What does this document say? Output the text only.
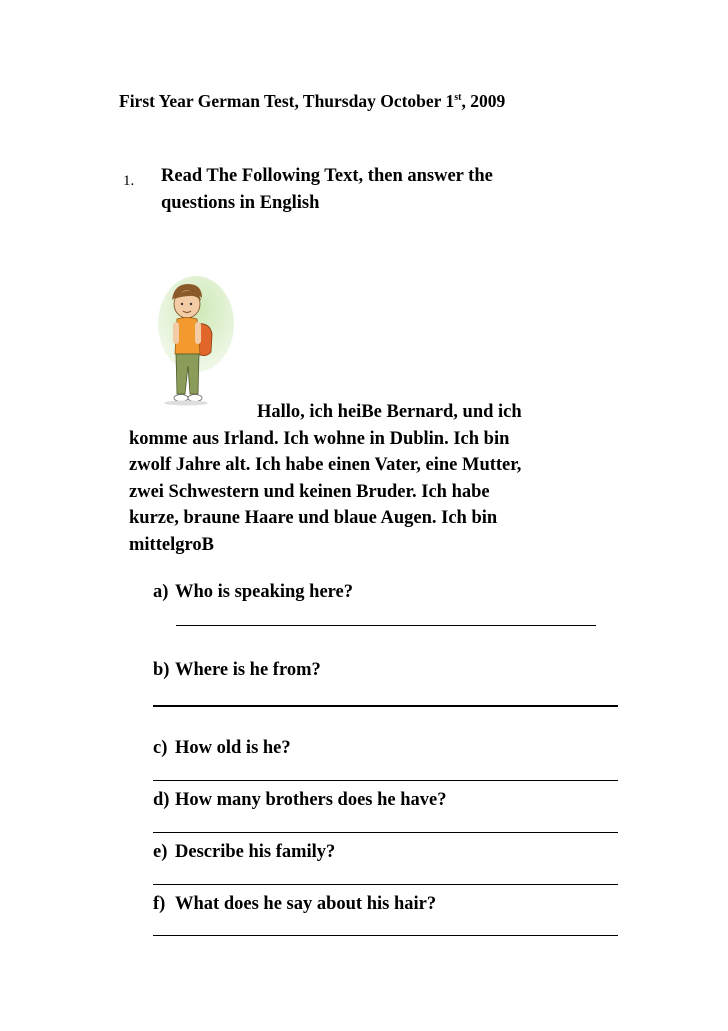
First Year German Test, Thursday October 1st, 2009
1. Read The Following Text, then answer the
questions in English
Hallo, ich heiBe Bernard, und ich
komme aus Irland. Ich wohne in Dublin. Ich bin
zwolf Jahre alt. Ich habe einen Vater, eine Mutter,
zwei Schwestern und keinen Bruder. Ich habe
kurze, braune Haare und blaue Augen. Ich bin
mittelgroB
a) Who is speaking here?
b) Where is he from?
c) How old is he?
d) How many brothers does he have?
e) Describe his family?
f) What does he say about his hair?
